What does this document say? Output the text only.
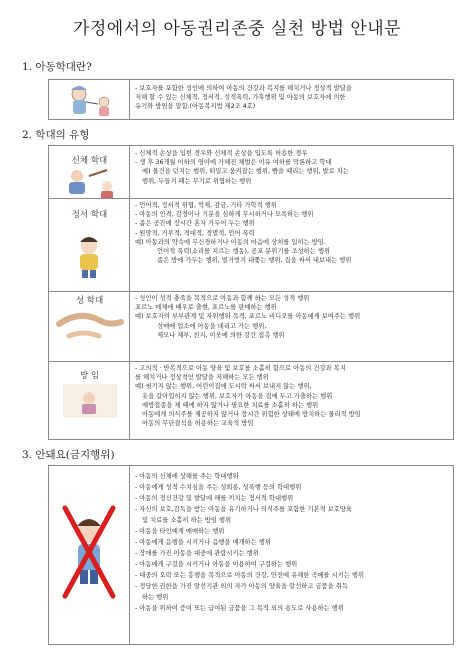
가정에서의 아동권리존중 실천 방법 안내문
1. 아동학대란?

- 보호자를 포함한 성인에 의하여 아동의 건강과 복지를 해치거나 정상적 발달을

저해 할 수 있는 신체적, 정서적, 성적폭력, 가혹행위 및 아동의 보호자에 의한

유기와 방임을 말함.(아동복지법 제2조 4호)

2. 학대의 유형
신체 학대
정서 학대
성 학대
방 임

- 신체적 손상을 입힌 경우와 신체적 손상을 입도록 허용한 경우

- 생 후 36개월 이하의 영아에 가해진 체벌은 이유 여하를 막론하고 학대

예) 물건을 던지는 행위, 떠밀고 움켜잡는 행위, 뺨을 때리는 행위, 발로 차는

행위, 두들겨 패는 무기로 위협하는 행위

- 언어적, 정서적 위협, 억제, 감금, 기타 가학적 행위

- 아동의 인격, 감정이나 기분을 심하게 무시하거나 모욕하는 행위

- 좁은 공간에 장시간 혼자 가두어 두는 행위

- 원망적, 거부적, 적대적, 경멸적, 언어 폭력

예) 아동과의 약속에 무신경하거나 아동의 마음에 상처를 입히는 방임.

언어적 폭력(소리를 지르는 행동), 공포 분위기를 조성하는 행위

좁은 방에 가두는 행위, 벌거벗겨 내쫓는 행위, 집을 싸서 내보내는 행위

- 성인이 성적 충족을 목적으로 아동과 함께 하는 모든 성적 행위

포르노 매체에 배우로 출현, 포르노를 판매하는 행위

예) 보호자의 부부관계 및 자위행위 목격, 포르노 비디오를 아동에게 보여주는 행위

성매매 업소에 아동을 데리고 가는 행위,

제모나 제부, 친지, 이웃에 의한 강간 접촉 행위

- 고의적 · 반복적으로 아동 양육 및 보호를 소홀히 함으로 아동의 건강과 복지

를 해치거나 정상적인 발달을 저해하는 모든 행위

예) 씻기지 않는 행위, 어린이집에 도시락 싸서 보내지 않는 행위,

옷을 갈아입히지 않는 행위, 보호자가 아동을 집에 두고 가출하는 행위

예방접종을 제 때에 하지 않거나 필요한 치료를 소홀히 하는 행위

아동에게 의식주를 제공하지 않거나 장시간 위험한 상태에 방치하는 물리적 방임

아동의 무단결석을 허용하는 교육적 방임

3. 안돼요(금지행위)

- 아동의 신체에 상해를 주는 학대행위

- 아동에게 성적 수치심을 주는 성희롱, 성폭행 등의 학대행위

- 아동의 정신건강 및 발달에 해를 끼치는 정서적 학대행위

- 자신의 보호,감독을 받는 아동을 유기하거나 의식주를 포함한 기본적 보호양육

및 치료를 소홀히 하는 방임 행위

- 아동을 타인에게 매매하는 행위

- 아동에게 음행을 시키거나 음행을 매개하는 행위

- 장애를 가진 아동을 대중에 관람시키는 행위

- 아동에게 구걸을 시키거나 아동을 이용하여 구걸하는 행위

- 대중의 오락 또는 흥행을 목적으로 아동의 건강, 안전에 유해한 곡예를 시키는 행위

- 정당한 권한을 가진 알선기관 외의 자가 아동의 양육을 알선하고 금품을 취득

하는 행위

- 아동을 위하여 증여 또는 급여된 금품을 그 목적 외의 용도로 사용하는 행위
